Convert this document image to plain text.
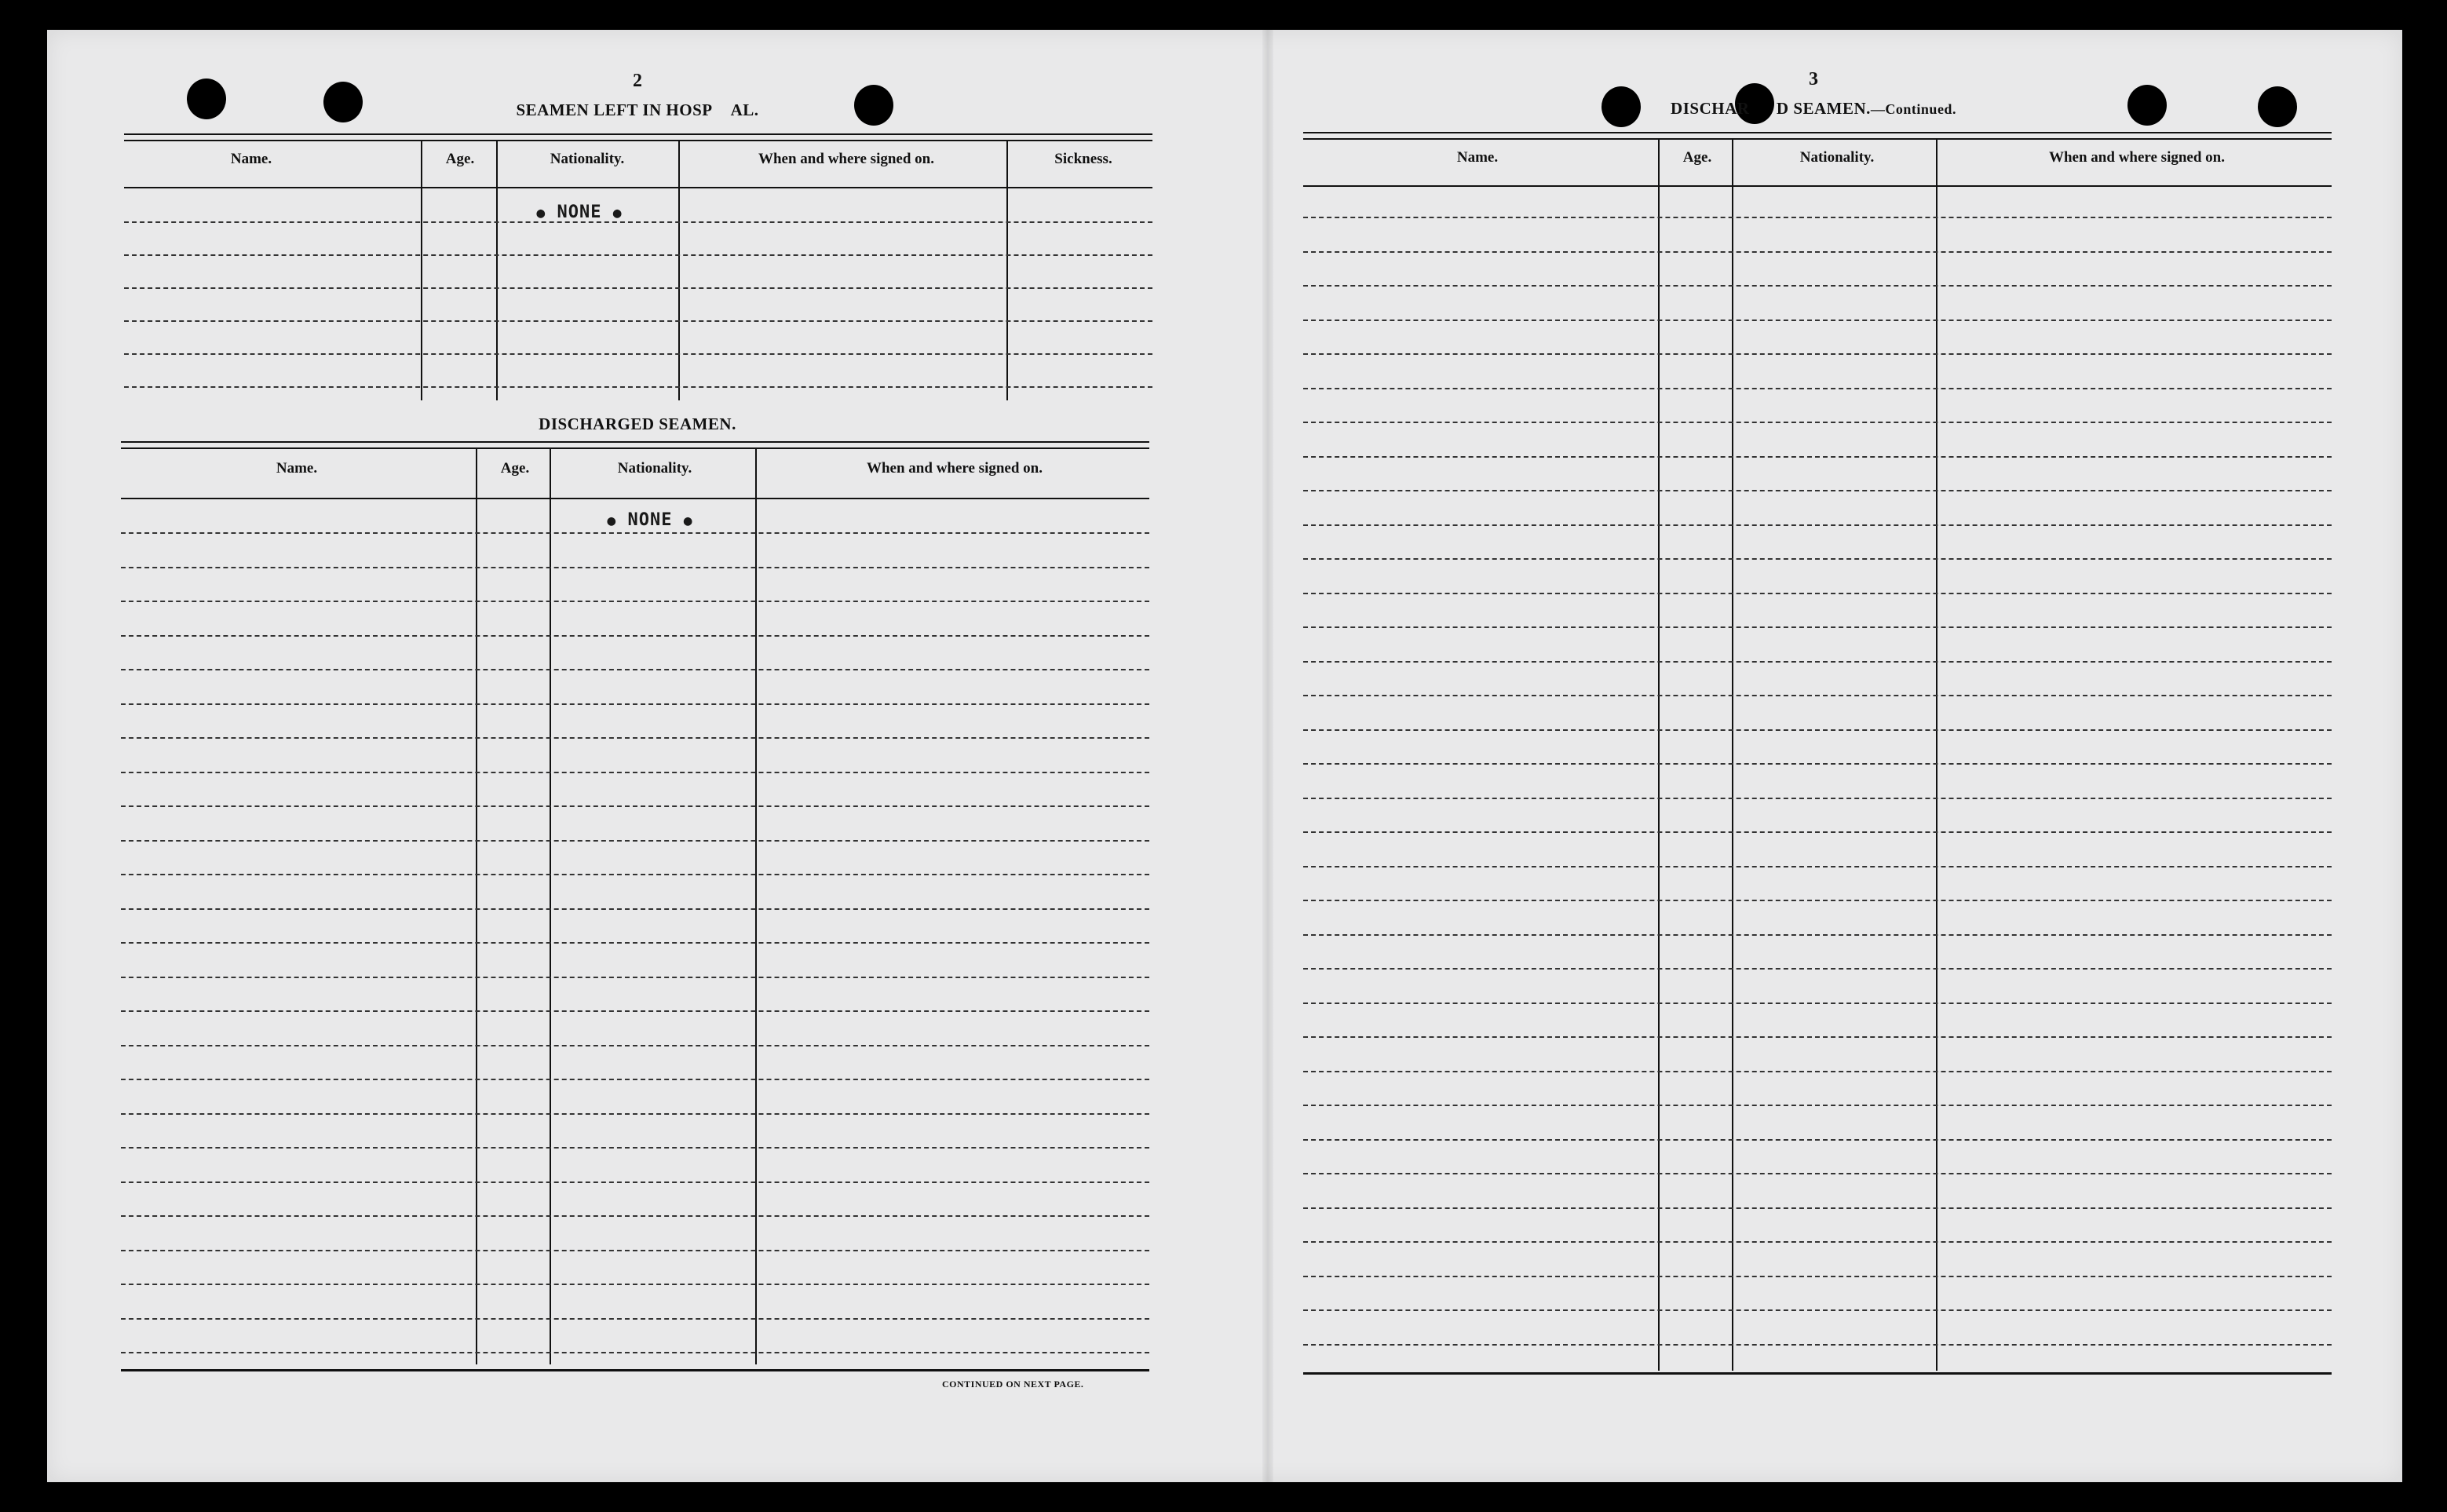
2
SEAMEN LEFT IN HOSP    AL.
Name.	Age.	Nationality.	When and where signed on.	Sickness.
● NONE ●
DISCHARGED SEAMEN.
Name.	Age.	Nationality.	When and where signed on.
● NONE ●
CONTINUED ON NEXT PAGE.
3
DISCHAR      D SEAMEN.—Continued.
Name.	Age.	Nationality.	When and where signed on.
